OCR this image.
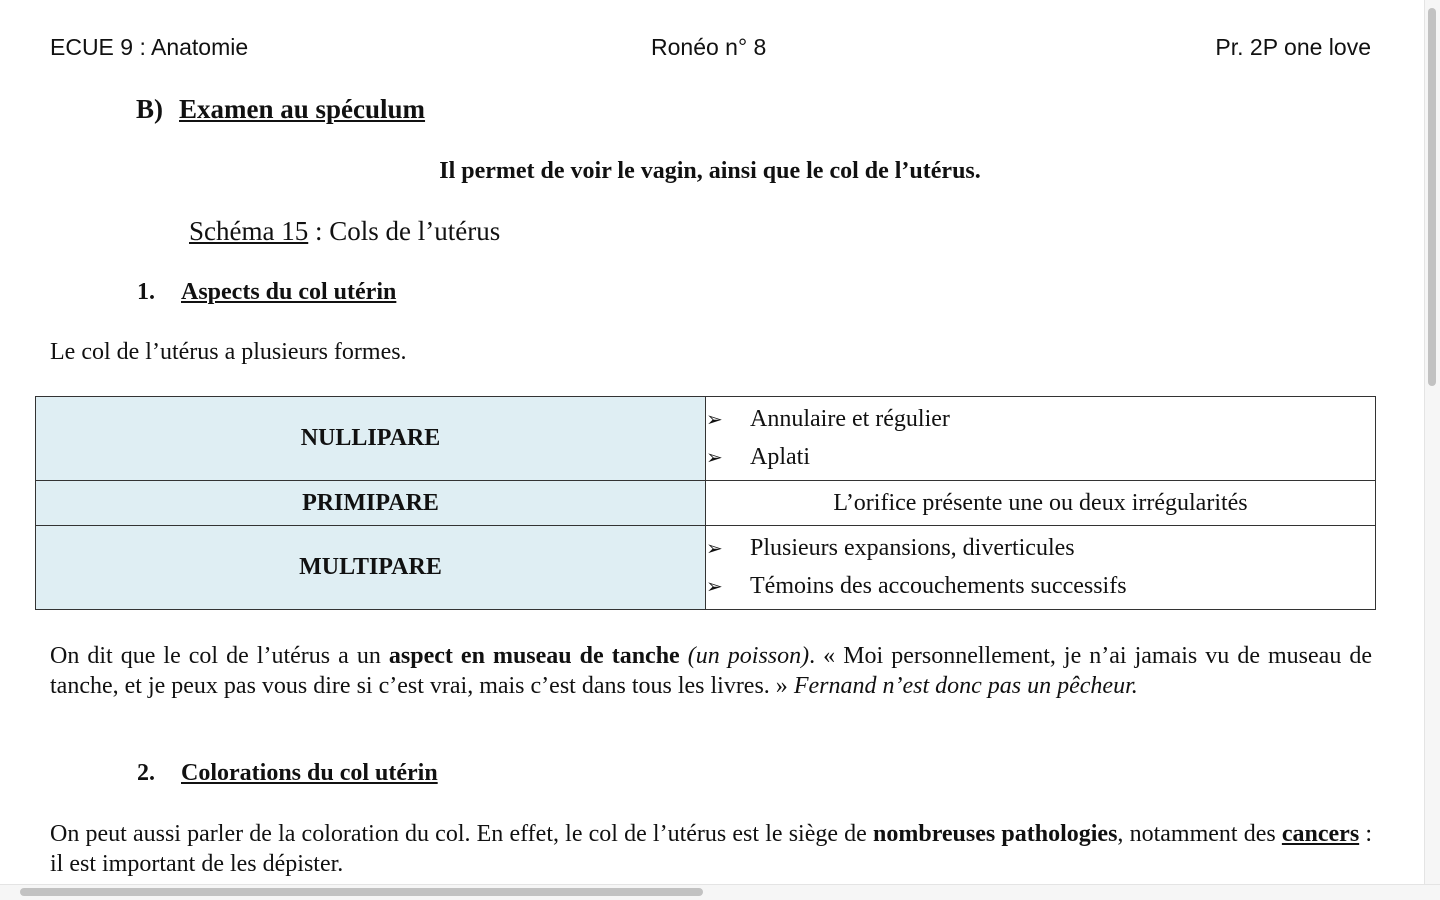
ECUE 9 : Anatomie	Ronéo n° 8	Pr. 2P one love
B) Examen au spéculum
Il permet de voir le vagin, ainsi que le col de l’utérus.
Schéma 15 : Cols de l’utérus
1. Aspects du col utérin
Le col de l’utérus a plusieurs formes.
NULLIPARE	➢ Annulaire et régulier
➢ Aplati

PRIMIPARE	L’orifice présente une ou deux irrégularités
MULTIPARE	➢ Plusieurs expansions, diverticules
➢ Témoins des accouchements successifs
On dit que le col de l’utérus a un aspect en museau de tanche (un poisson). « Moi personnellement, je n’ai jamais vu de museau de tanche, et je peux pas vous dire si c’est vrai, mais c’est dans tous les livres. » Fernand n’est donc pas un pêcheur.
2. Colorations du col utérin
On peut aussi parler de la coloration du col. En effet, le col de l’utérus est le siège de nombreuses pathologies, notamment des cancers : il est important de les dépister.
